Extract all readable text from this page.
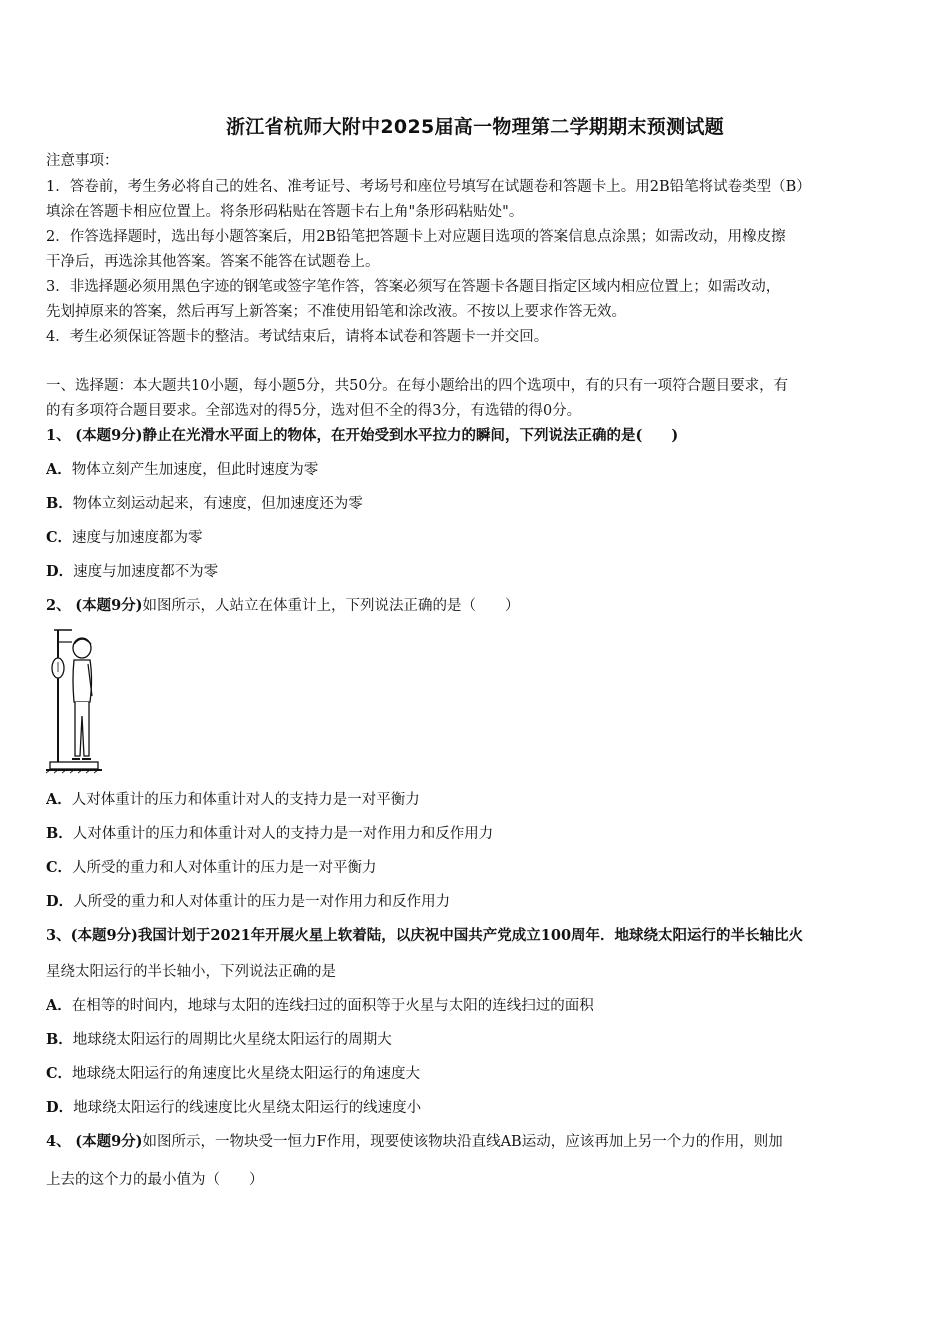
浙江省杭师大附中2025届高一物理第二学期期末预测试题
注意事项：
1．答卷前，考生务必将自己的姓名、准考证号、考场号和座位号填写在试题卷和答题卡上。用2B铅笔将试卷类型（B）
填涂在答题卡相应位置上。将条形码粘贴在答题卡右上角"条形码粘贴处"。
2．作答选择题时，选出每小题答案后，用2B铅笔把答题卡上对应题目选项的答案信息点涂黑；如需改动，用橡皮擦
干净后，再选涂其他答案。答案不能答在试题卷上。
3．非选择题必须用黑色字迹的钢笔或签字笔作答，答案必须写在答题卡各题目指定区域内相应位置上；如需改动，
先划掉原来的答案，然后再写上新答案；不准使用铅笔和涂改液。不按以上要求作答无效。
4．考生必须保证答题卡的整洁。考试结束后，请将本试卷和答题卡一并交回。
一、选择题：本大题共10小题，每小题5分，共50分。在每小题给出的四个选项中，有的只有一项符合题目要求，有
的有多项符合题目要求。全部选对的得5分，选对但不全的得3分，有选错的得0分。
1、 (本题9分)静止在光滑水平面上的物体，在开始受到水平拉力的瞬间，下列说法正确的是(　　)
A．物体立刻产生加速度，但此时速度为零
B．物体立刻运动起来，有速度，但加速度还为零
C．速度与加速度都为零
D．速度与加速度都不为零
2、 (本题9分)如图所示，人站立在体重计上，下列说法正确的是（　　）
A．人对体重计的压力和体重计对人的支持力是一对平衡力
B．人对体重计的压力和体重计对人的支持力是一对作用力和反作用力
C．人所受的重力和人对体重计的压力是一对平衡力
D．人所受的重力和人对体重计的压力是一对作用力和反作用力
3、(本题9分)我国计划于2021年开展火星上软着陆，以庆祝中国共产党成立100周年．地球绕太阳运行的半长轴比火
星绕太阳运行的半长轴小，下列说法正确的是
A．在相等的时间内，地球与太阳的连线扫过的面积等于火星与太阳的连线扫过的面积
B．地球绕太阳运行的周期比火星绕太阳运行的周期大
C．地球绕太阳运行的角速度比火星绕太阳运行的角速度大
D．地球绕太阳运行的线速度比火星绕太阳运行的线速度小
4、 (本题9分)如图所示，一物块受一恒力F作用，现要使该物块沿直线AB运动，应该再加上另一个力的作用，则加
上去的这个力的最小值为（　　）
